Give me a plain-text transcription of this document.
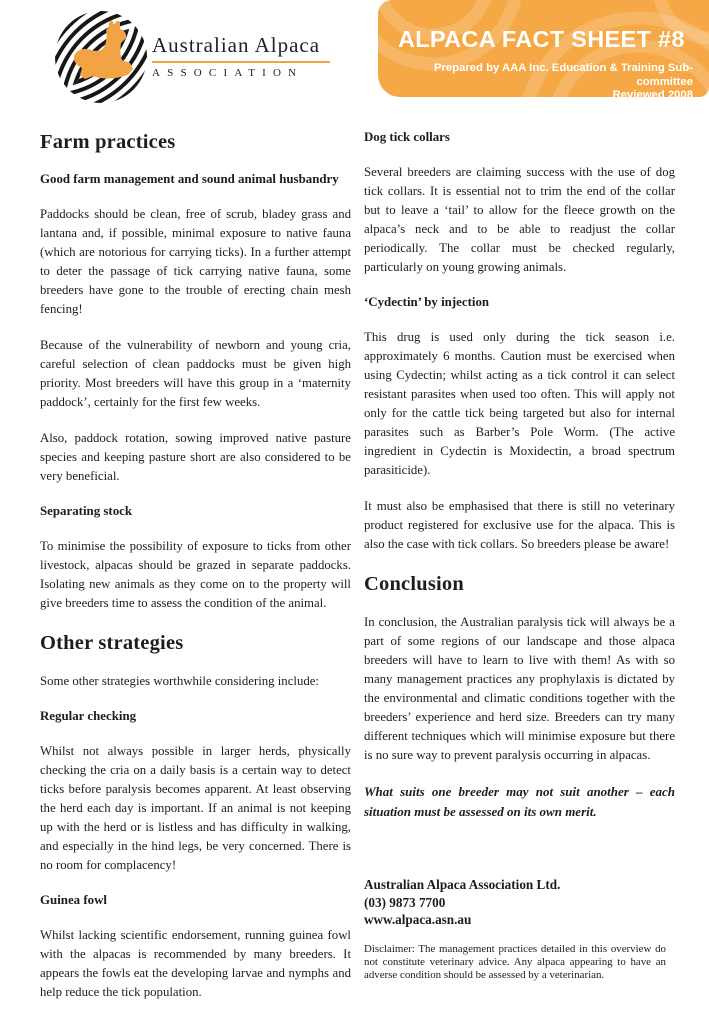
Australian Alpaca
ASSOCIATION
ALPACA FACT SHEET #8
Prepared by AAA Inc. Education & Training Sub-committee
Reviewed 2008
Farm practices
Good farm management and sound animal husbandry

Paddocks should be clean, free of scrub, bladey grass and lantana and, if possible, minimal exposure to native fauna (which are notorious for carrying ticks). In a further attempt to deter the passage of tick carrying native fauna, some breeders have gone to the trouble of erecting chain mesh fencing!

Because of the vulnerability of newborn and young cria, careful selection of clean paddocks must be given high priority. Most breeders will have this group in a ‘maternity paddock’, certainly for the first few weeks.

Also, paddock rotation, sowing improved native pasture species and keeping pasture short are also considered to be very beneficial.

Separating stock

To minimise the possibility of exposure to ticks from other livestock, alpacas should be grazed in separate paddocks. Isolating new animals as they come on to the property will give breeders time to assess the condition of the animal.

Other strategies

Some other strategies worthwhile considering include:

Regular checking

Whilst not always possible in larger herds, physically checking the cria on a daily basis is a certain way to detect ticks before paralysis becomes apparent. At least observing the herd each day is important. If an animal is not keeping up with the herd or is listless and has difficulty in walking, and especially in the hind legs, be very concerned. There is no room for complacency!

Guinea fowl

Whilst lacking scientific endorsement, running guinea fowl with the alpacas is recommended by many breeders. It appears the fowls eat the developing larvae and nymphs and help reduce the tick population.

Dog tick collars

Several breeders are claiming success with the use of dog tick collars. It is essential not to trim the end of the collar but to leave a ‘tail’ to allow for the fleece growth on the alpaca’s neck and to be able to readjust the collar periodically. The collar must be checked regularly, particularly on young growing animals.

‘Cydectin’ by injection

This drug is used only during the tick season i.e. approximately 6 months. Caution must be exercised when using Cydectin; whilst acting as a tick control it can select resistant parasites when used too often. This will apply not only for the cattle tick being targeted but also for internal parasites such as Barber’s Pole Worm. (The active ingredient in Cydectin is Moxidectin, a broad spectrum parasiticide).

It must also be emphasised that there is still no veterinary product registered for exclusive use for the alpaca. This is also the case with tick collars. So breeders please be aware!

Conclusion

In conclusion, the Australian paralysis tick will always be a part of some regions of our landscape and those alpaca breeders will have to learn to live with them! As with so many management practices any prophylaxis is dictated by the environmental and climatic conditions together with the breeders’ experience and herd size. Breeders can try many different techniques which will minimise exposure but there is no sure way to prevent paralysis occurring in alpacas.

What suits one breeder may not suit another – each situation must be assessed on its own merit.

Australian Alpaca Association Ltd.
(03) 9873 7700
www.alpaca.asn.au
Disclaimer: The management practices detailed in this overview do not constitute veterinary advice. Any alpaca appearing to have an adverse condition should be assessed by a veterinarian.
